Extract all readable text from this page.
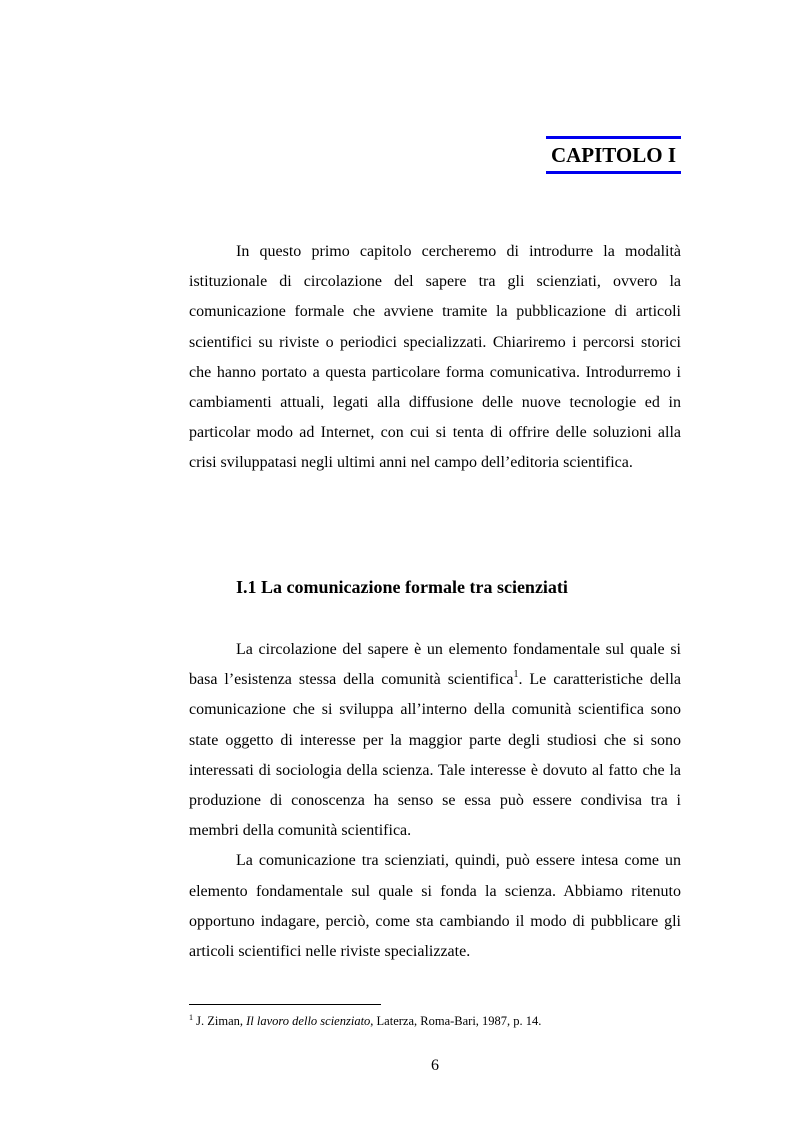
CAPITOLO I

In questo primo capitolo cercheremo di introdurre la modalità istituzionale di circolazione del sapere tra gli scienziati, ovvero la comunicazione formale che avviene tramite la pubblicazione di articoli scientifici su riviste o periodici specializzati. Chiariremo i percorsi storici che hanno portato a questa particolare forma comunicativa. Introdurremo i cambiamenti attuali, legati alla diffusione delle nuove tecnologie ed in particolar modo ad Internet, con cui si tenta di offrire delle soluzioni alla crisi sviluppatasi negli ultimi anni nel campo dell’editoria scientifica.

I.1 La comunicazione formale tra scienziati

La circolazione del sapere è un elemento fondamentale sul quale si basa l’esistenza stessa della comunità scientifica$^1$. Le caratteristiche della comunicazione che si sviluppa all’interno della comunità scientifica sono state oggetto di interesse per la maggior parte degli studiosi che si sono interessati di sociologia della scienza. Tale interesse è dovuto al fatto che la produzione di conoscenza ha senso se essa può essere condivisa tra i membri della comunità scientifica.

La comunicazione tra scienziati, quindi, può essere intesa come un elemento fondamentale sul quale si fonda la scienza. Abbiamo ritenuto opportuno indagare, perciò, come sta cambiando il modo di pubblicare gli articoli scientifici nelle riviste specializzate.

$^1$ J. Ziman, Il lavoro dello scienziato, Laterza, Roma-Bari, 1987, p. 14.
6
